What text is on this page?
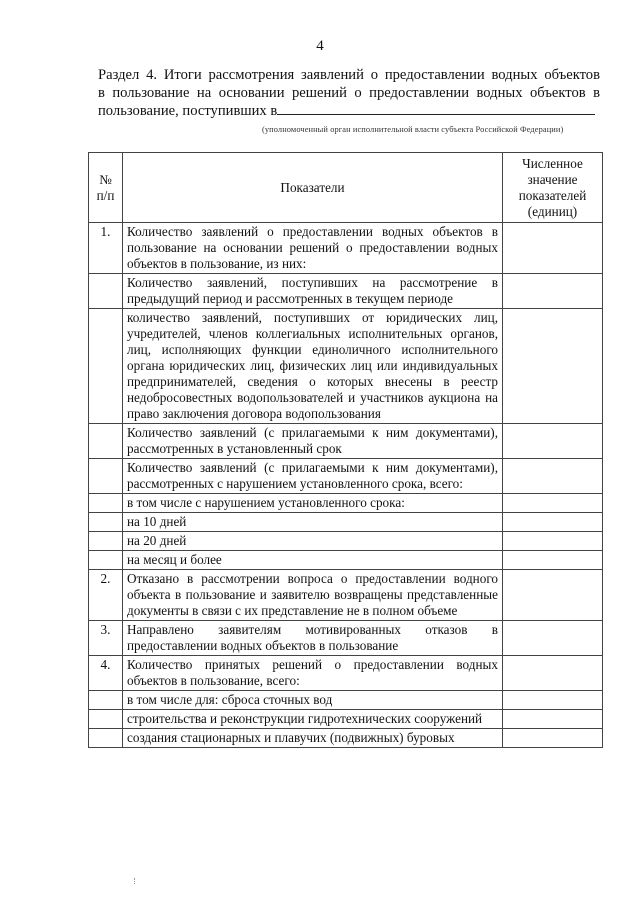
4
Раздел 4. Итоги рассмотрения заявлений о предоставлении водных объектов
в пользование на основании решений о предоставлении водных объектов в
пользование, поступивших в
(уполномоченный орган исполнительной власти субъекта Российской Федерации)
№ п/п	Показатели	Численное значение показателей (единиц)
1.	Количество заявлений о предоставлении водных объектов в пользование на основании решений о предоставлении водных объектов в пользование, из них:	
	Количество заявлений, поступивших на рассмотрение в предыдущий период и рассмотренных в текущем периоде	
	количество заявлений, поступивших от юридических лиц, учредителей, членов коллегиальных исполнительных органов, лиц, исполняющих функции единоличного исполнительного органа юридических лиц, физических лиц или индивидуальных предпринимателей, сведения о которых внесены в реестр недобросовестных водопользователей и участников аукциона на право заключения договора водопользования	
	Количество заявлений (с прилагаемыми к ним документами), рассмотренных в установленный срок	
	Количество заявлений (с прилагаемыми к ним документами), рассмотренных с нарушением установленного срока, всего:	
	в том числе с нарушением установленного срока:	
	на 10 дней	
	на 20 дней	
	на месяц и более	
2.	Отказано в рассмотрении вопроса о предоставлении водного объекта в пользование и заявителю возвращены представленные документы в связи с их представление не в полном объеме	
3.	Направлено заявителям мотивированных отказов в предоставлении водных объектов в пользование	
4.	Количество принятых решений о предоставлении водных объектов в пользование, всего:	
	в том числе для: сброса сточных вод	
	строительства и реконструкции гидротехнических сооружений	
	создания стационарных и плавучих (подвижных) буровых	
